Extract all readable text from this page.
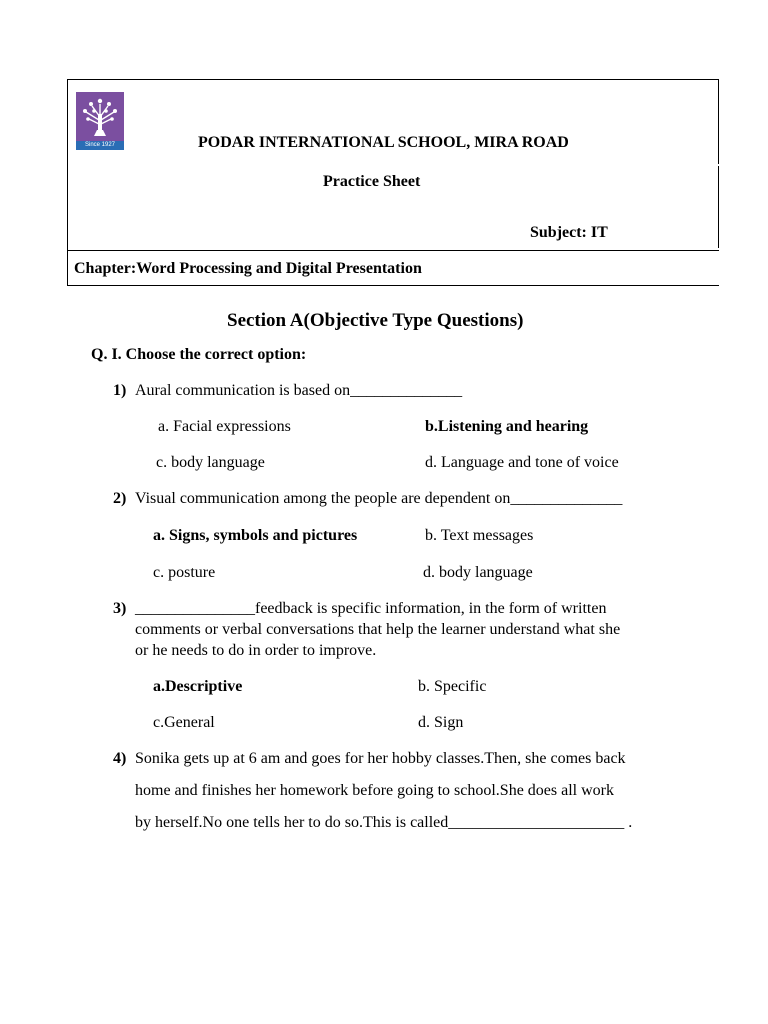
Since 1927	PODAR INTERNATIONAL SCHOOL, MIRA ROAD
Practice Sheet
Subject: IT
Chapter:Word Processing and Digital Presentation
Section A(Objective Type Questions)
Q. I. Choose the correct option:
1) Aural communication is based on______________
a. Facial expressions	b.Listening and hearing
c. body language	d. Language and tone of voice
2) Visual communication among the people are dependent on______________
a. Signs, symbols and pictures	b. Text messages
c. posture	d. body language
3) _______________feedback is specific information, in the form of written
comments or verbal conversations that help the learner understand what she
or he needs to do in order to improve.
a.Descriptive	b. Specific
c.General	d. Sign
4) Sonika gets up at 6 am and goes for her hobby classes.Then, she comes back
home and finishes her homework before going to school.She does all work
by herself.No one tells her to do so.This is called______________________ .
